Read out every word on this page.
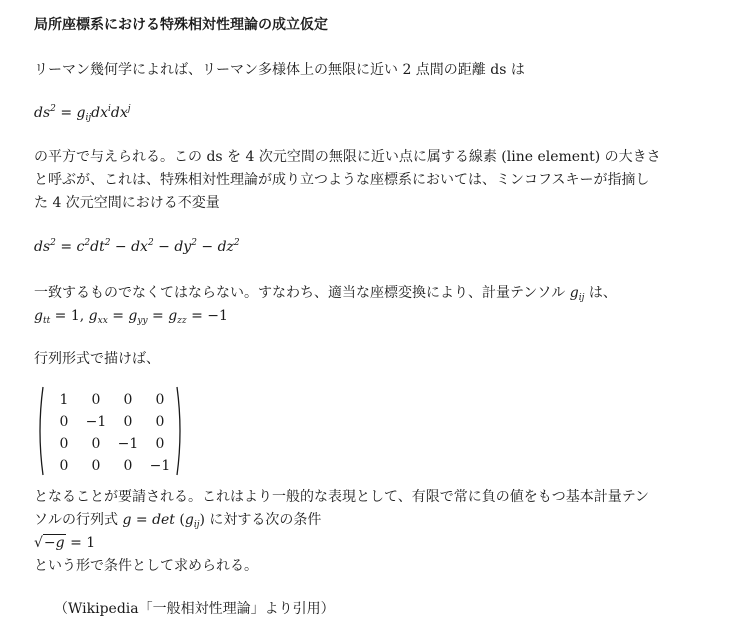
局所座標系における特殊相対性理論の成立仮定
リーマン幾何学によれば、リーマン多様体上の無限に近い 2 点間の距離 ds は
$ds^2 = g_{ij}dx^idx^j$
の平方で与えられる。この ds を 4 次元空間の無限に近い点に属する線素 (line element) の大きさ
と呼ぶが、これは、特殊相対性理論が成り立つような座標系においては、ミンコフスキーが指摘し
た 4 次元空間における不変量
$ds^2 = c^2dt^2 - dx^2 - dy^2 - dz^2$
一致するものでなくてはならない。すなわち、適当な座標変換により、計量テンソル $g_{ij}$ は、
$g_{tt} = 1$, $g_{xx} = g_{yy} = g_{zz} = -1$
行列形式で描けば、
1	0	0	0
0	−1	0	0
0	0	−1	0
0	0	0	−1
となることが要請される。これはより一般的な表現として、有限で常に負の値をもつ基本計量テン
ソルの行列式 $g = \det (g_{ij})$ に対する次の条件
√−g = 1
という形で条件として求められる。
（Wikipedia「一般相対性理論」より引用）
